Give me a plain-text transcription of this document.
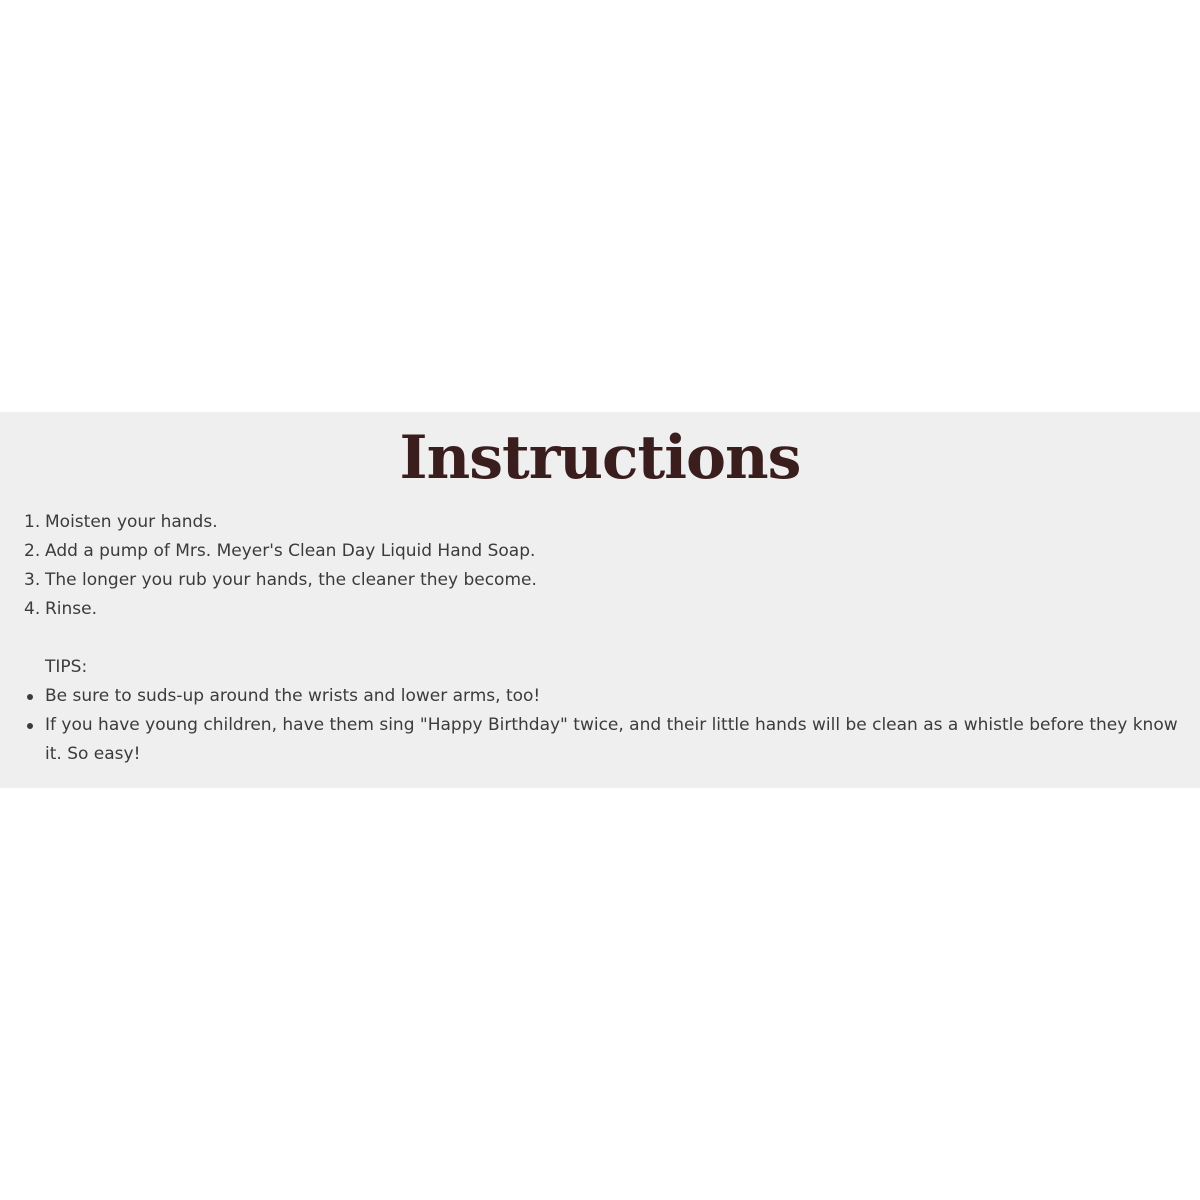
Instructions
1. Moisten your hands.
2. Add a pump of Mrs. Meyer's Clean Day Liquid Hand Soap.
3. The longer you rub your hands, the cleaner they become.
4. Rinse.
TIPS:
Be sure to suds-up around the wrists and lower arms, too!
If you have young children, have them sing "Happy Birthday" twice, and their little hands will be clean as a whistle before they know it. So easy!
